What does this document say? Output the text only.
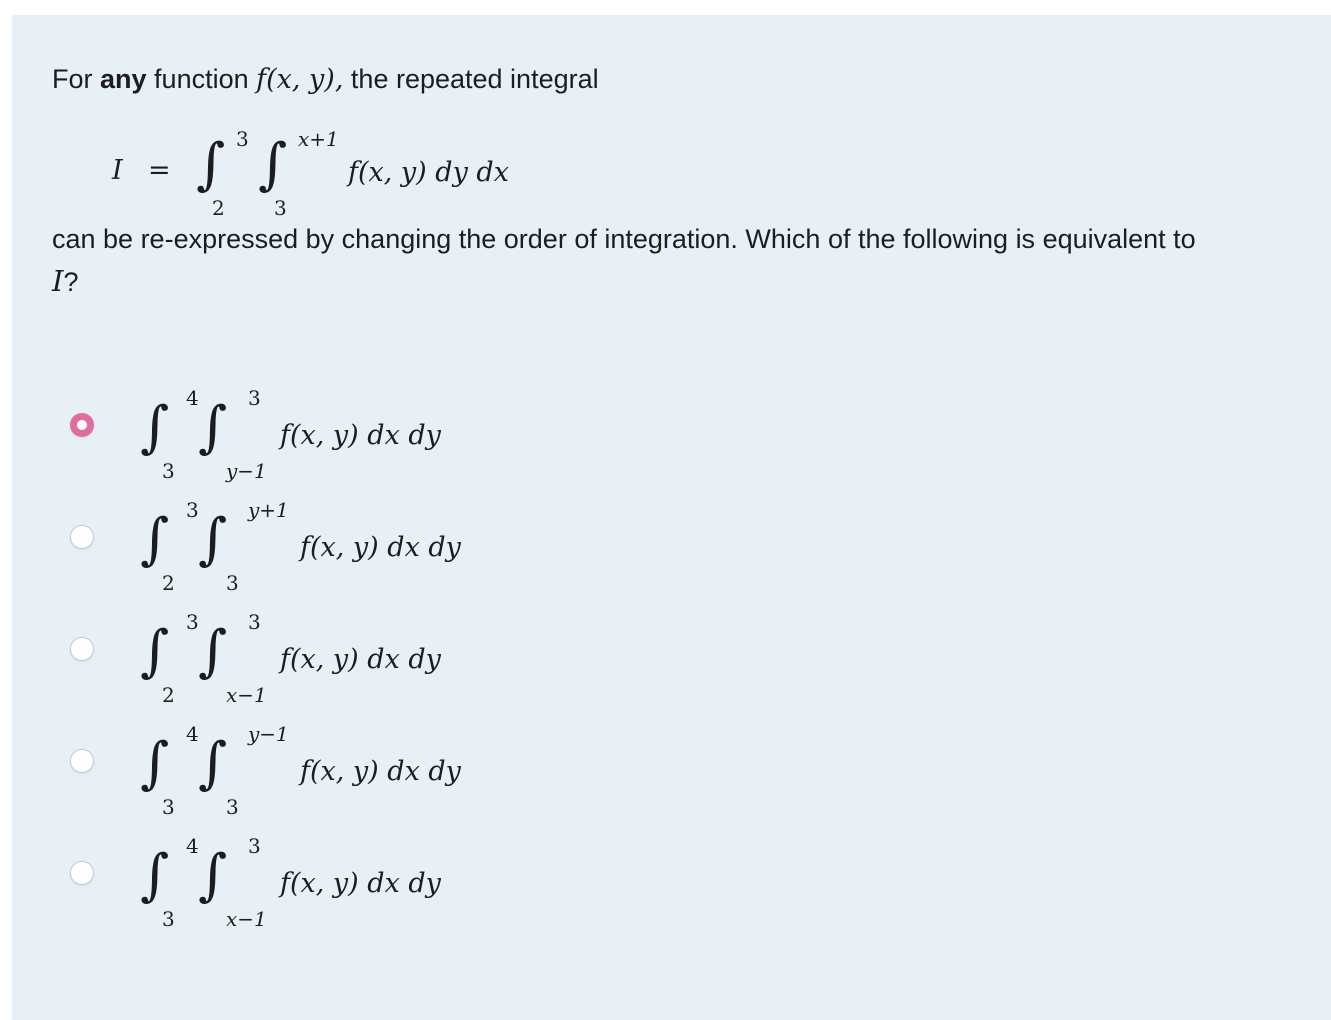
For any function f(x, y), the repeated integral
I = ∫ 3
2
∫ x+1
3
f(x, y) dy dx
can be re-expressed by changing the order of integration. Which of the following is equivalent to
I?
∫ 4
3
∫ 3
y−1
f(x, y) dx dy
∫ 3
2
∫ y+1
3
f(x, y) dx dy
∫ 3
2
∫ 3
x−1
f(x, y) dx dy
∫ 4
3
∫ y−1
3
f(x, y) dx dy
∫ 4
3
∫ 3
x−1
f(x, y) dx dy
